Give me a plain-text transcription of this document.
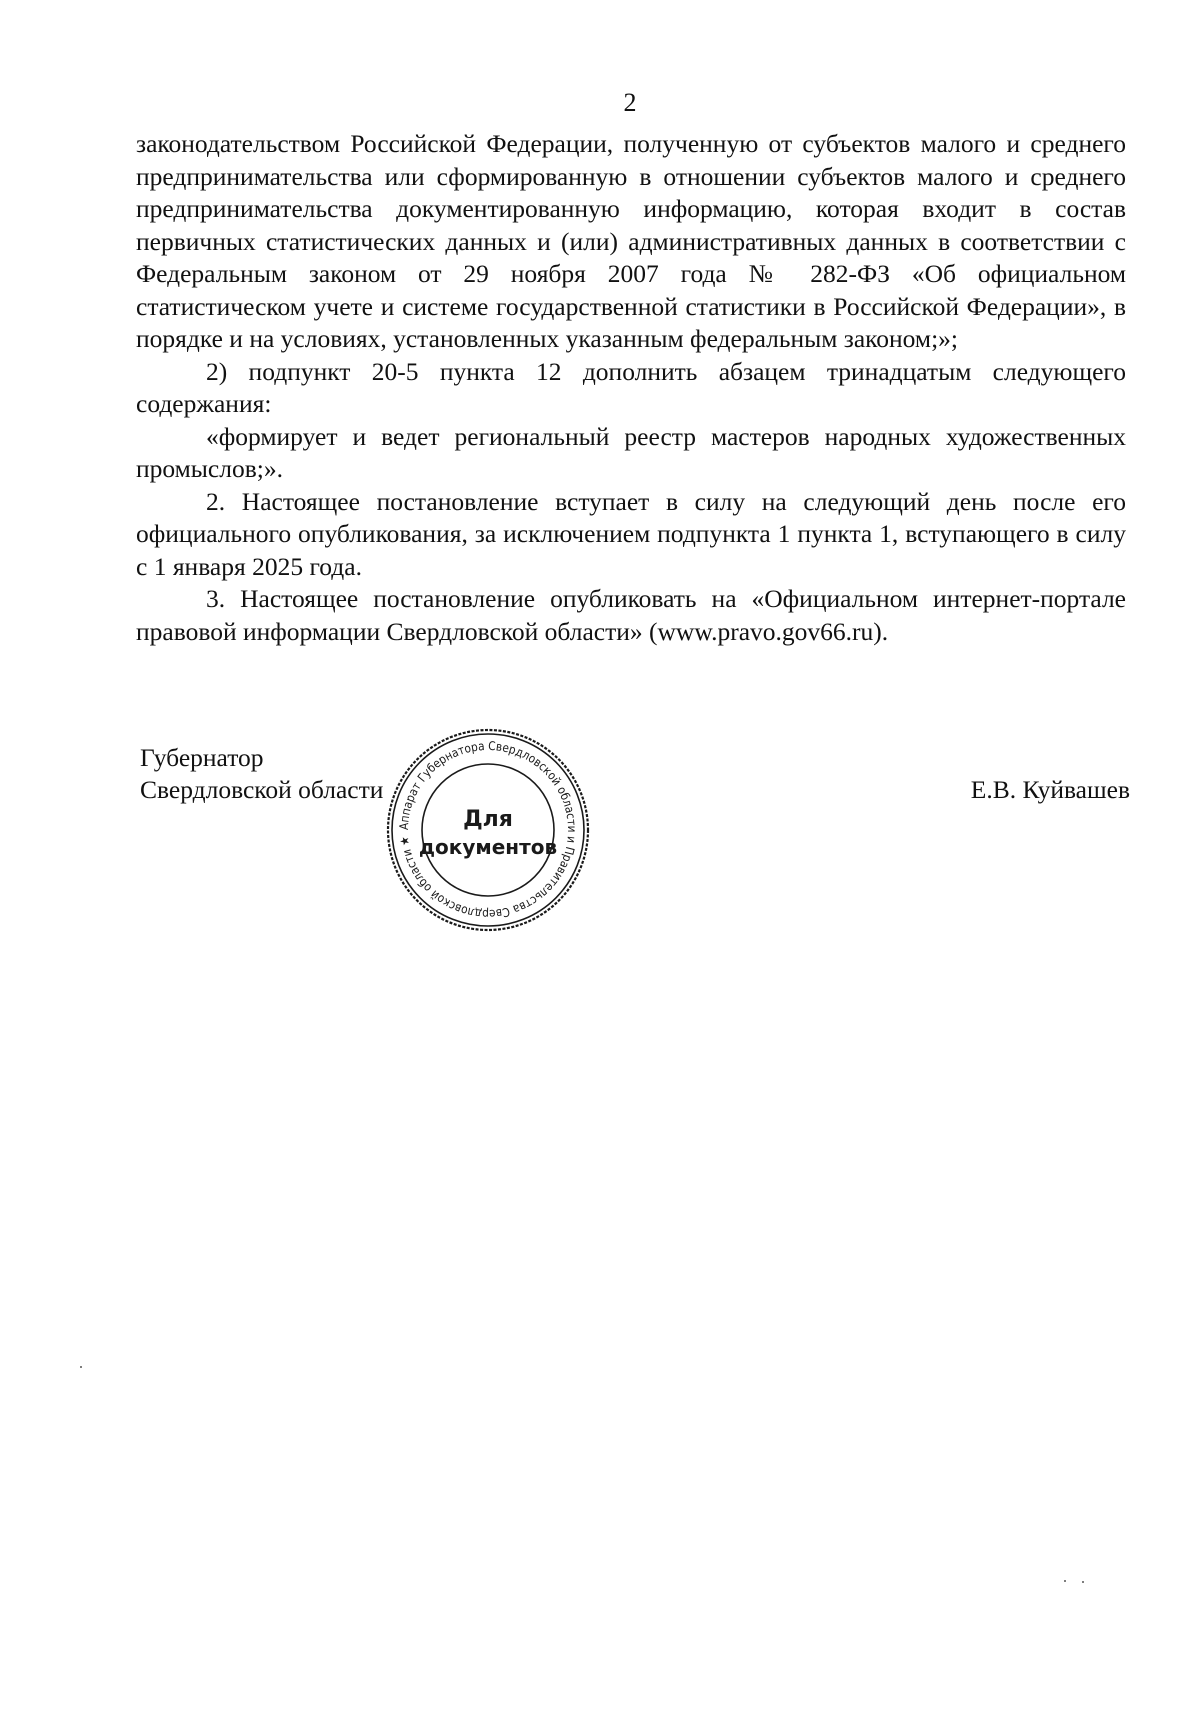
2

законодательством Российской Федерации, полученную от субъектов малого и среднего предпринимательства или сформированную в отношении субъектов малого и среднего предпринимательства документированную информацию, которая входит в состав первичных статистических данных и (или) административных данных в соответствии с Федеральным законом от 29 ноября 2007 года № 282-ФЗ «Об официальном статистическом учете и системе государственной статистики в Российской Федерации», в порядке и на условиях, установленных указанным федеральным законом;»;

2) подпункт 20-5 пункта 12 дополнить абзацем тринадцатым следующего содержания:

«формирует и ведет региональный реестр мастеров народных художественных промыслов;».

2. Настоящее постановление вступает в силу на следующий день после его официального опубликования, за исключением подпункта 1 пункта 1, вступающего в силу с 1 января 2025 года.

3. Настоящее постановление опубликовать на «Официальном интернет-портале правовой информации Свердловской области» (www.pravo.gov66.ru).

Губернатор
Свердловской области	Е.В. Куйвашев
Аппарат Губернатора Свердловской области и Правительства Свердловской области ★
Для
документов
